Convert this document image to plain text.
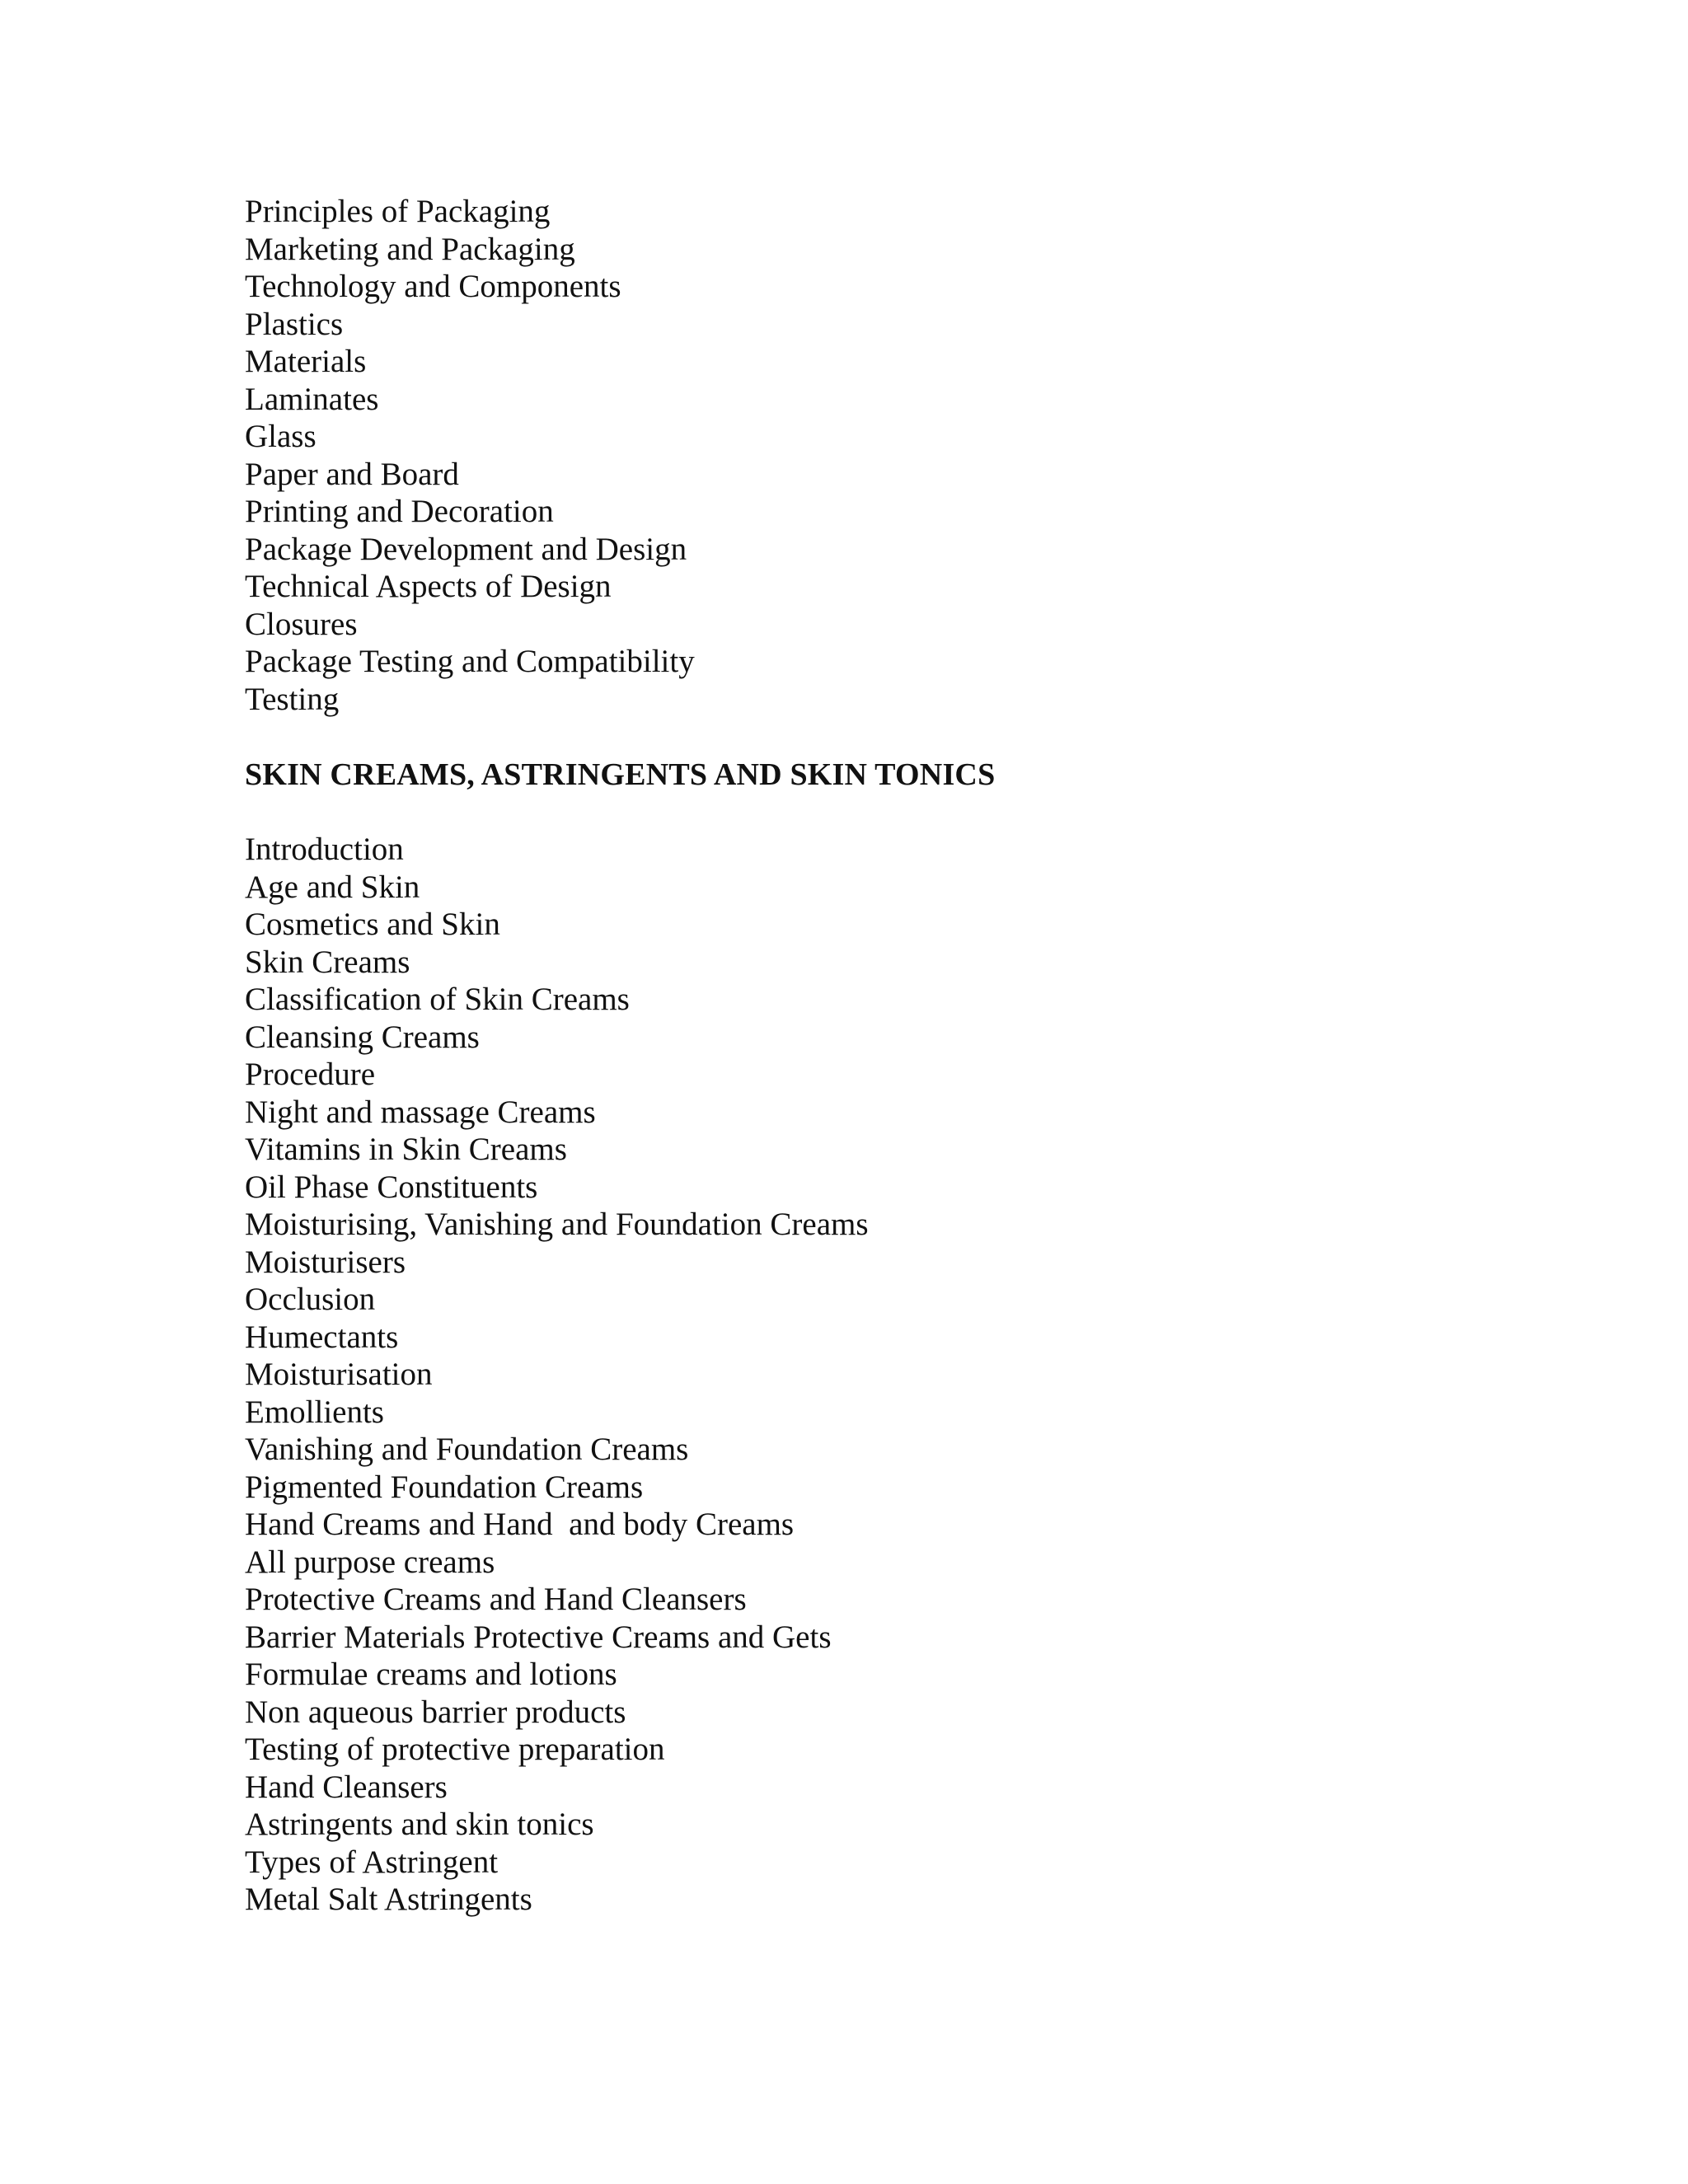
Principles of Packaging
Marketing and Packaging
Technology and Components
Plastics
Materials
Laminates
Glass
Paper and Board
Printing and Decoration
Package Development and Design
Technical Aspects of Design
Closures
Package Testing and Compatibility
Testing
SKIN CREAMS, ASTRINGENTS AND SKIN TONICS
Introduction
Age and Skin
Cosmetics and Skin
Skin Creams
Classification of Skin Creams
Cleansing Creams
Procedure
Night and massage Creams
Vitamins in Skin Creams
Oil Phase Constituents
Moisturising, Vanishing and Foundation Creams
Moisturisers
Occlusion
Humectants
Moisturisation
Emollients
Vanishing and Foundation Creams
Pigmented Foundation Creams
Hand Creams and Hand  and body Creams
All purpose creams
Protective Creams and Hand Cleansers
Barrier Materials Protective Creams and Gets
Formulae creams and lotions
Non aqueous barrier products
Testing of protective preparation
Hand Cleansers
Astringents and skin tonics
Types of Astringent
Metal Salt Astringents
